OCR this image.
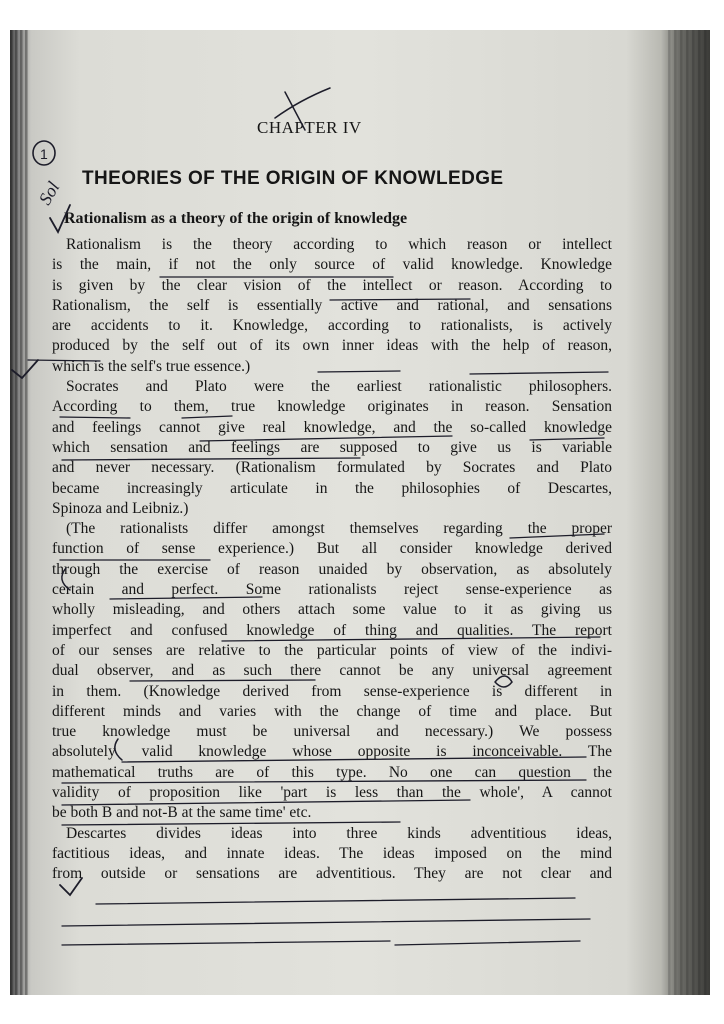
CHAPTER IV
THEORIES OF THE ORIGIN OF KNOWLEDGE
Rationalism as a theory of the origin of knowledge
Rationalism is the theory according to which reason or intellect
is the main, if not the only source of valid knowledge. Knowledge
is given by the clear vision of the intellect or reason. According to
Rationalism, the self is essentially active and rational, and sensations
are accidents to it. Knowledge, according to rationalists, is actively
produced by the self out of its own inner ideas with the help of reason,
which is the self's true essence.)
Socrates and Plato were the earliest rationalistic philosophers.
According to them, true knowledge originates in reason. Sensation
and feelings cannot give real knowledge, and the so-called knowledge
which sensation and feelings are supposed to give us is variable
and never necessary. (Rationalism formulated by Socrates and Plato
became increasingly articulate in the philosophies of Descartes,
Spinoza and Leibniz.)
(The rationalists differ amongst themselves regarding the proper
function of sense experience.) But all consider knowledge derived
through the exercise of reason unaided by observation, as absolutely
certain and perfect. Some rationalists reject sense-experience as
wholly misleading, and others attach some value to it as giving us
imperfect and confused knowledge of thing and qualities. The report
of our senses are relative to the particular points of view of the indivi-
dual observer, and as such there cannot be any universal agreement
in them. (Knowledge derived from sense-experience is different in
different minds and varies with the change of time and place. But
true knowledge must be universal and necessary.) We possess
absolutely valid knowledge whose opposite is inconceivable. The
mathematical truths are of this type. No one can question the
validity of proposition like 'part is less than the whole', A cannot
be both B and not-B at the same time' etc.
Descartes divides ideas into three kinds adventitious ideas,
factitious ideas, and innate ideas. The ideas imposed on the mind
from outside or sensations are adventitious. They are not clear and
1
Sol
